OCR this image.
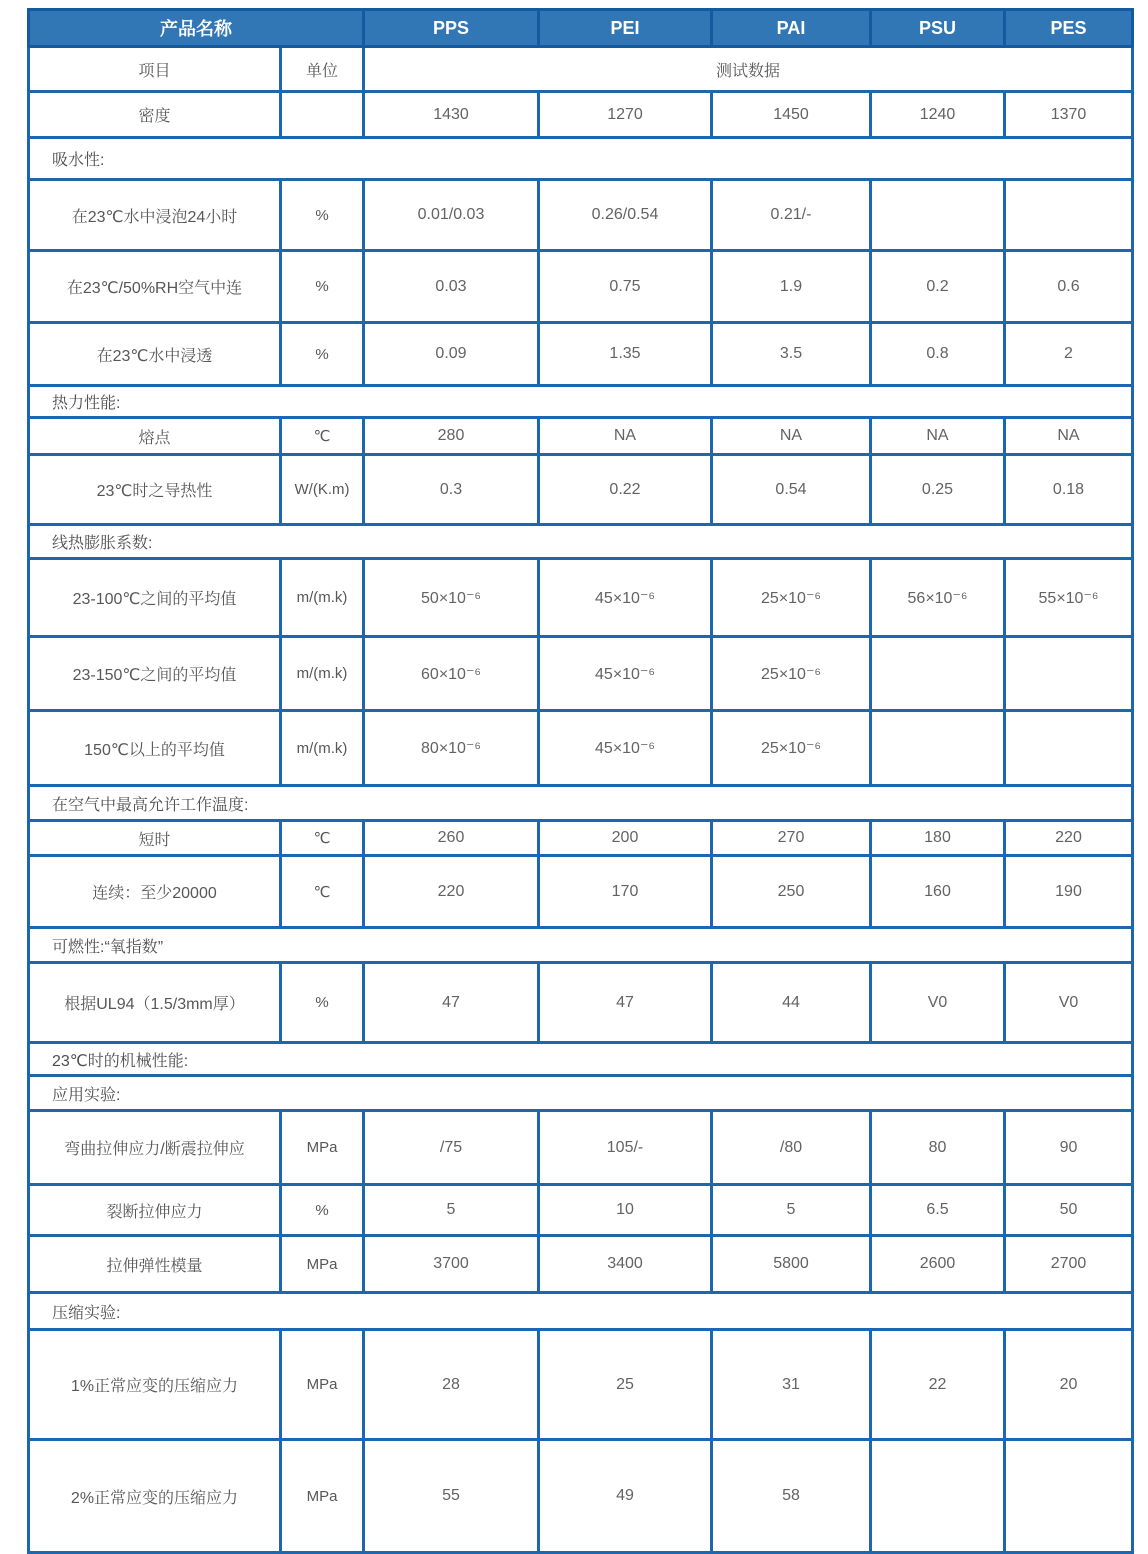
产品名称		PPS	PEI	PAI	PSU	PES
项目	单位	测试数据				
密度		1430	1270	1450	1240	1370
吸水性:						
在23℃水中浸泡24小时	%	0.01/0.03	0.26/0.54	0.21/-		
在23℃/50%RH空气中连	%	0.03	0.75	1.9	0.2	0.6
在23℃水中浸透	%	0.09	1.35	3.5	0.8	2
热力性能:						
熔点	℃	280	NA	NA	NA	NA
23℃时之导热性	W/(K.m)	0.3	0.22	0.54	0.25	0.18
线热膨胀系数:						
23-100℃之间的平均值	m/(m.k)	50×10⁻⁶	45×10⁻⁶	25×10⁻⁶	56×10⁻⁶	55×10⁻⁶
23-150℃之间的平均值	m/(m.k)	60×10⁻⁶	45×10⁻⁶	25×10⁻⁶		
150℃以上的平均值	m/(m.k)	80×10⁻⁶	45×10⁻⁶	25×10⁻⁶		
在空气中最高允许工作温度:						
短时	℃	260	200	270	180	220
连续：至少20000	℃	220	170	250	160	190
可燃性:“氧指数”						
根据UL94（1.5/3mm厚）	%	47	47	44	V0	V0
23℃时的机械性能:						
应用实验:						
弯曲拉伸应力/断震拉伸应	MPa	/75	105/-	/80	80	90
裂断拉伸应力	%	5	10	5	6.5	50
拉伸弹性模量	MPa	3700	3400	5800	2600	2700
压缩实验:						
1%正常应变的压缩应力	MPa	28	25	31	22	20
2%正常应变的压缩应力	MPa	55	49	58		
